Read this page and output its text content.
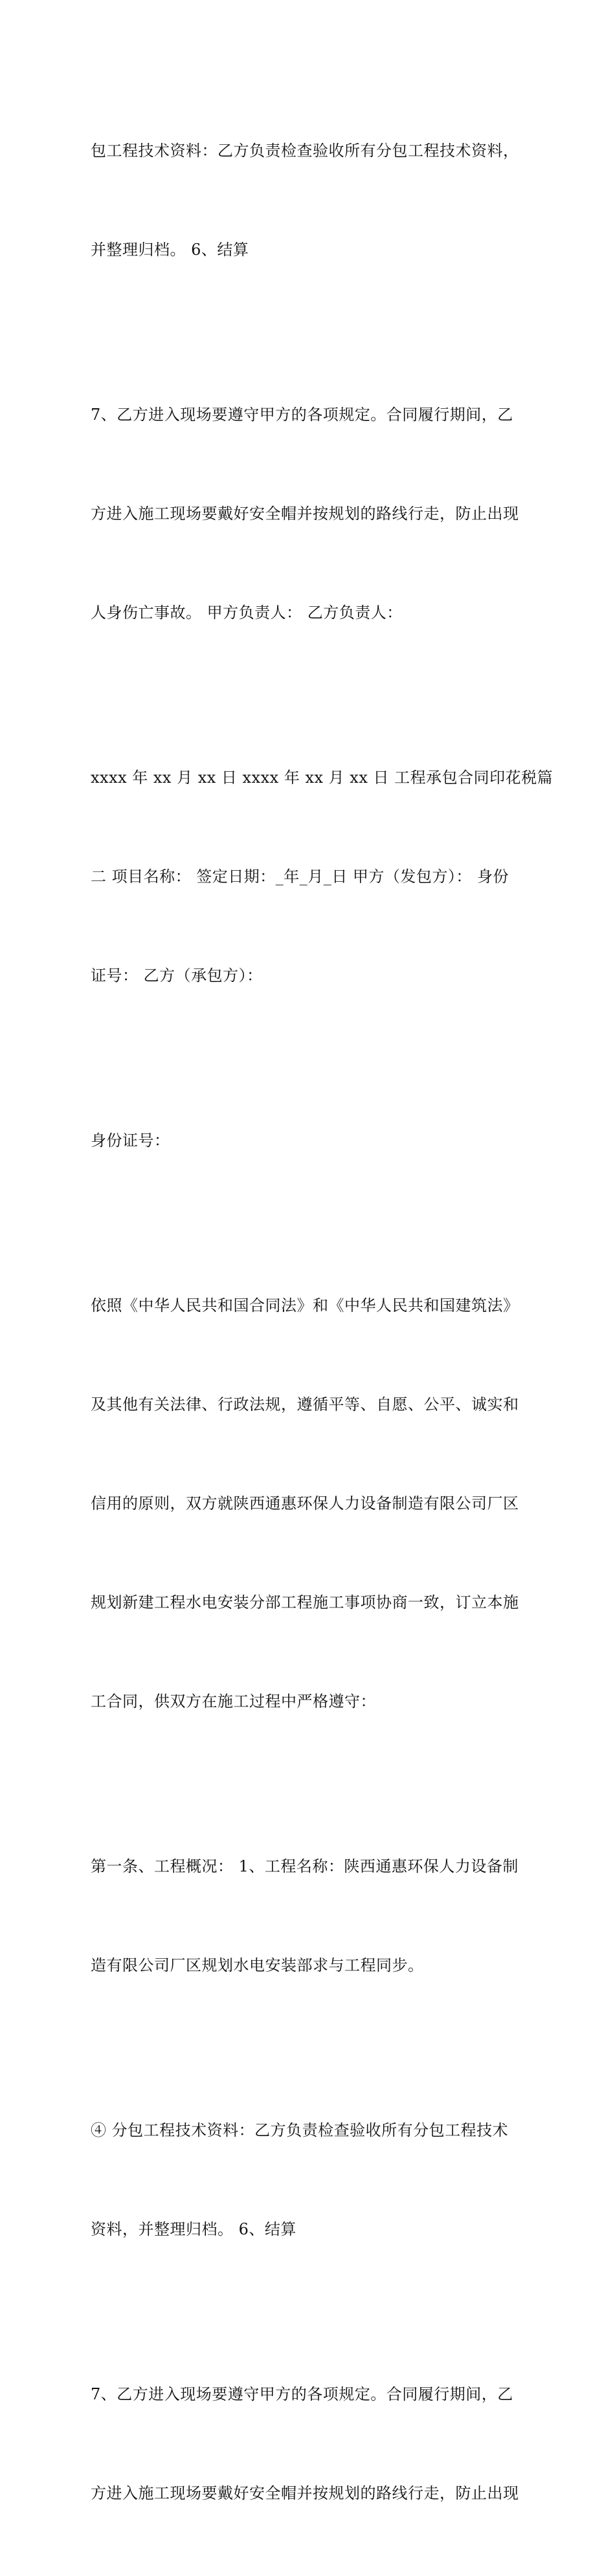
包工程技术资料：乙方负责检查验收所有分包工程技术资料，

并整理归档。 6、结算

7、乙方进入现场要遵守甲方的各项规定。合同履行期间，乙

方进入施工现场要戴好安全帽并按规划的路线行走，防止出现

人身伤亡事故。 甲方负责人： 乙方负责人：

xxxx 年 xx 月 xx 日 xxxx 年 xx 月 xx 日 工程承包合同印花税篇

二 项目名称： 签定日期：_年_月_日 甲方（发包方）： 身份

证号： 乙方（承包方）：

身份证号：

依照《中华人民共和国合同法》和《中华人民共和国建筑法》

及其他有关法律、行政法规，遵循平等、自愿、公平、诚实和

信用的原则，双方就陕西通惠环保人力设备制造有限公司厂区

规划新建工程水电安装分部工程施工事项协商一致，订立本施

工合同，供双方在施工过程中严格遵守：

第一条、工程概况： 1、工程名称：陕西通惠环保人力设备制

造有限公司厂区规划水电安装部求与工程同步。

④ 分包工程技术资料：乙方负责检查验收所有分包工程技术

资料，并整理归档。 6、结算

7、乙方进入现场要遵守甲方的各项规定。合同履行期间，乙

方进入施工现场要戴好安全帽并按规划的路线行走，防止出现
